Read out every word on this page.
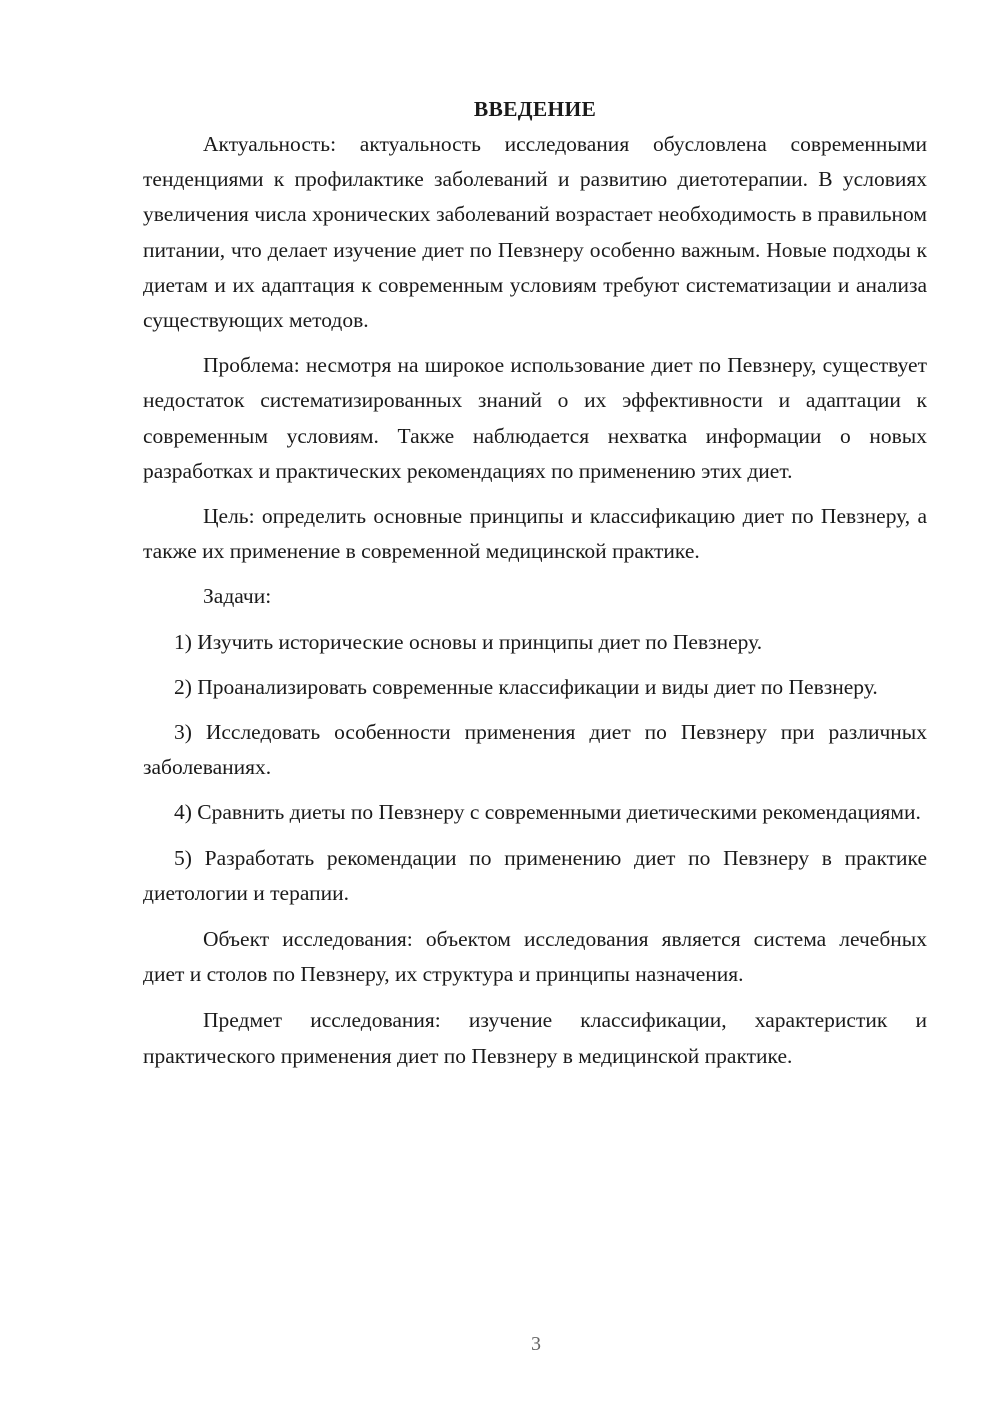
ВВЕДЕНИЕ

Актуальность: актуальность исследования обусловлена современными тенденциями к профилактике заболеваний и развитию диетотерапии. В условиях увеличения числа хронических заболеваний возрастает необходимость в правильном питании, что делает изучение диет по Певзнеру особенно важным. Новые подходы к диетам и их адаптация к современным условиям требуют систематизации и анализа существующих методов.

Проблема: несмотря на широкое использование диет по Певзнеру, существует недостаток систематизированных знаний о их эффективности и адаптации к современным условиям. Также наблюдается нехватка информации о новых разработках и практических рекомендациях по применению этих диет.

Цель: определить основные принципы и классификацию диет по Певзнеру, а также их применение в современной медицинской практике.

Задачи:

1) Изучить исторические основы и принципы диет по Певзнеру.

2) Проанализировать современные классификации и виды диет по Певзнеру.

3) Исследовать особенности применения диет по Певзнеру при различных заболеваниях.

4) Сравнить диеты по Певзнеру с современными диетическими рекомендациями.

5) Разработать рекомендации по применению диет по Певзнеру в практике диетологии и терапии.

Объект исследования: объектом исследования является система лечебных диет и столов по Певзнеру, их структура и принципы назначения.

Предмет исследования: изучение классификации, характеристик и практического применения диет по Певзнеру в медицинской практике.

3
